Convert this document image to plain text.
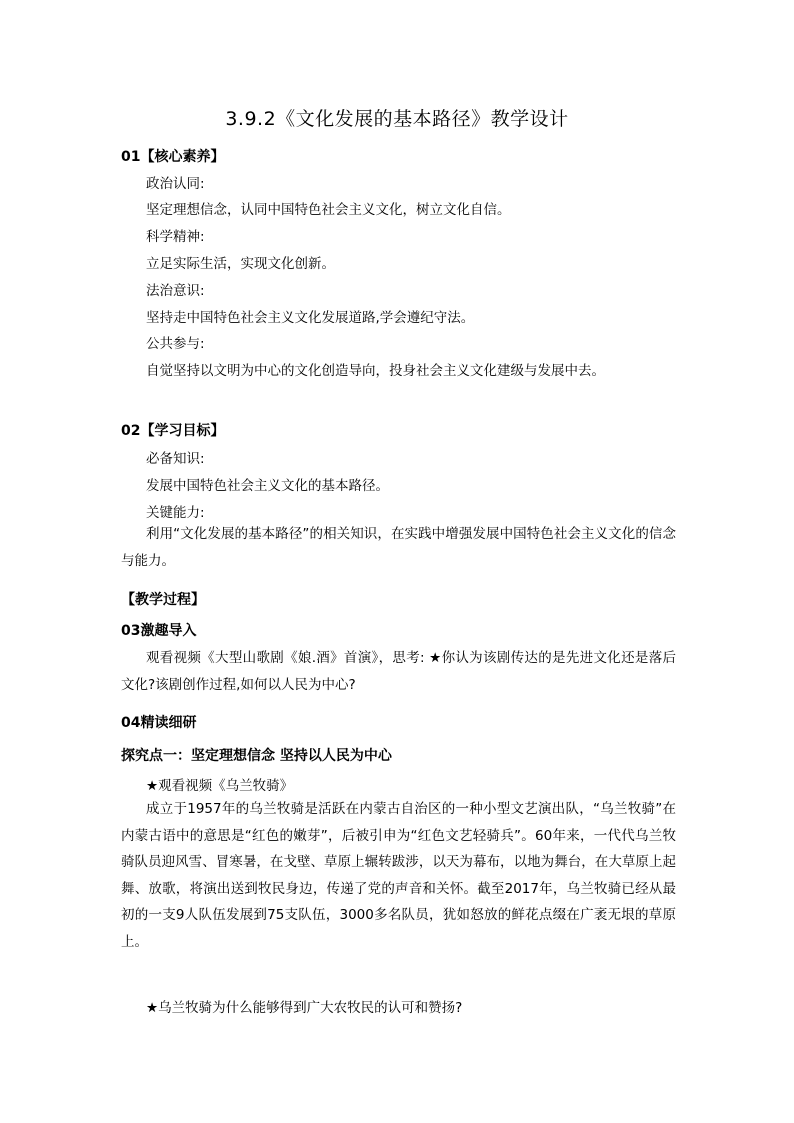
3.9.2《文化发展的基本路径》教学设计
01【核心素养】
政治认同:
坚定理想信念，认同中国特色社会主义文化，树立文化自信。
科学精神:
立足实际生活，实现文化创新。
法治意识:
坚持走中国特色社会主义文化发展道路,学会遵纪守法。
公共参与:
自觉坚持以文明为中心的文化创造导向，投身社会主义文化建级与发展中去。
02【学习目标】
必备知识:
发展中国特色社会主义文化的基本路径。
关键能力:

利用“文化发展的基本路径”的相关知识，在实践中增强发展中国特色社会主义文化的信念与能力。

【教学过程】
03激趣导入

观看视频《大型山歌剧《娘.酒》首演》，思考: ★你认为该剧传达的是先进文化还是落后文化?该剧创作过程,如何以人民为中心?

04精读细研
探究点一：坚定理想信念 坚持以人民为中心
★观看视频《乌兰牧骑》

成立于1957年的乌兰牧骑是活跃在内蒙古自治区的一种小型文艺演出队，“乌兰牧骑”在内蒙古语中的意思是“红色的嫩芽”，后被引申为“红色文艺轻骑兵”。60年来，一代代乌兰牧骑队员迎风雪、冒寒暑，在戈壁、草原上辗转跋涉，以天为幕布，以地为舞台，在大草原上起舞、放歌，将演出送到牧民身边，传递了党的声音和关怀。截至2017年，乌兰牧骑已经从最初的一支9人队伍发展到75支队伍，3000多名队员，犹如怒放的鲜花点缀在广袤无垠的草原上。

★乌兰牧骑为什么能够得到广大农牧民的认可和赞扬?
